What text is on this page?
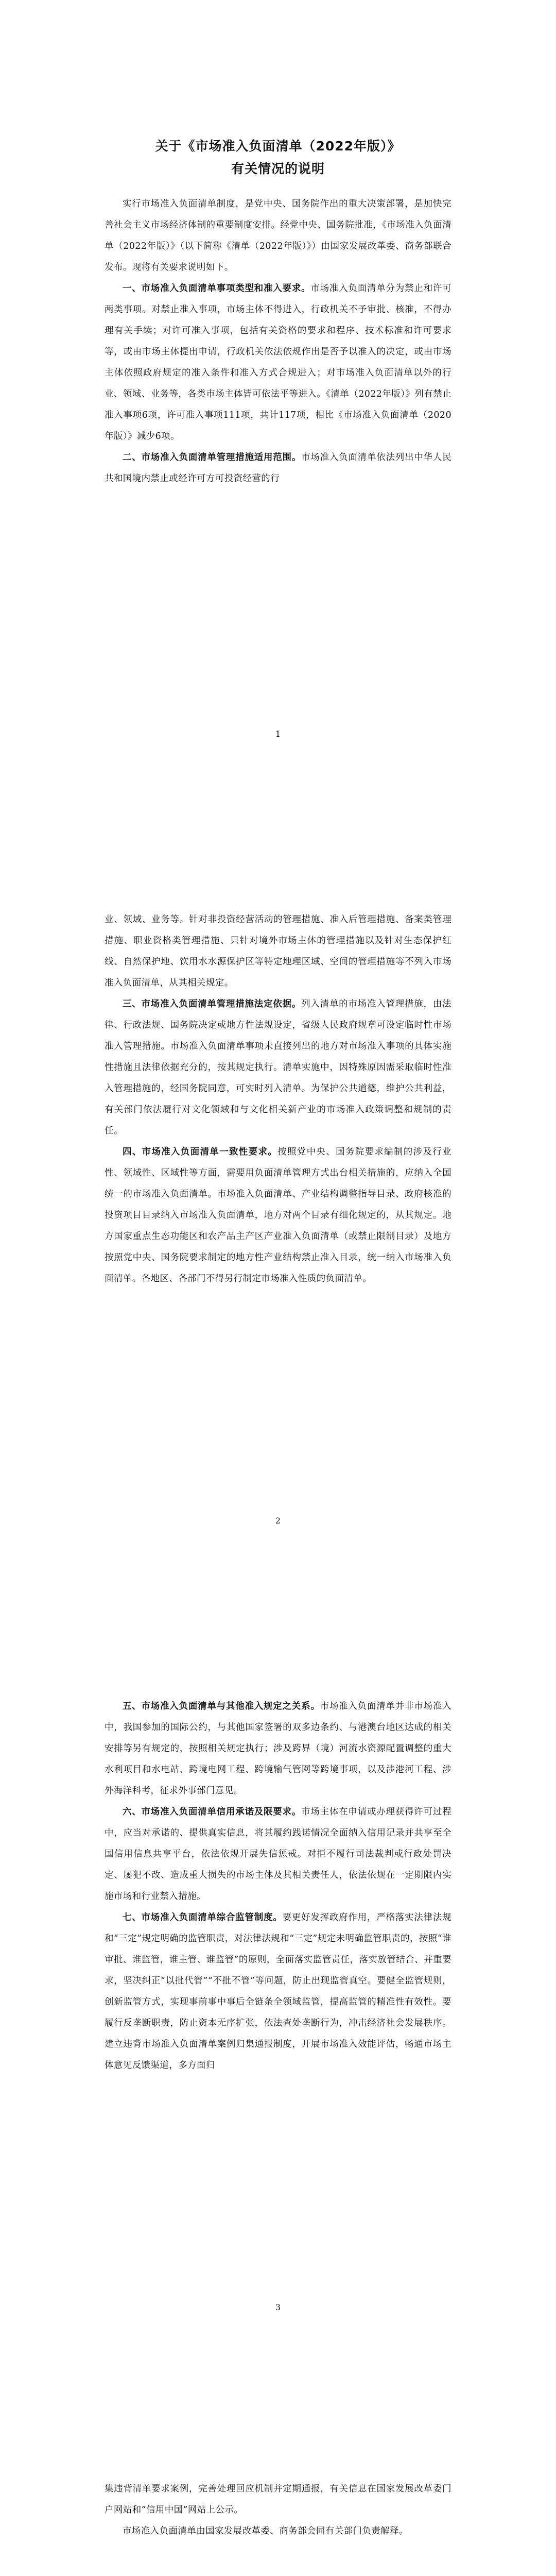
关于《市场准入负面清单（2022年版）》
有关情况的说明

实行市场准入负面清单制度，是党中央、国务院作出的重大决策部署，是加快完善社会主义市场经济体制的重要制度安排。经党中央、国务院批准，《市场准入负面清单（2022年版）》（以下简称《清单（2022年版）》）由国家发展改革委、商务部联合发布。现将有关要求说明如下。

一、市场准入负面清单事项类型和准入要求。市场准入负面清单分为禁止和许可两类事项。对禁止准入事项，市场主体不得进入，行政机关不予审批、核准，不得办理有关手续；对许可准入事项，包括有关资格的要求和程序、技术标准和许可要求等，或由市场主体提出申请，行政机关依法依规作出是否予以准入的决定，或由市场主体依照政府规定的准入条件和准入方式合规进入；对市场准入负面清单以外的行业、领域、业务等，各类市场主体皆可依法平等进入。《清单（2022年版）》列有禁止准入事项6项，许可准入事项111项，共计117项，相比《市场准入负面清单（2020年版）》减少6项。

二、市场准入负面清单管理措施适用范围。市场准入负面清单依法列出中华人民共和国境内禁止或经许可方可投资经营的行

1

业、领域、业务等。针对非投资经营活动的管理措施、准入后管理措施、备案类管理措施、职业资格类管理措施、只针对境外市场主体的管理措施以及针对生态保护红线、自然保护地、饮用水水源保护区等特定地理区域、空间的管理措施等不列入市场准入负面清单，从其相关规定。

三、市场准入负面清单管理措施法定依据。列入清单的市场准入管理措施，由法律、行政法规、国务院决定或地方性法规设定，省级人民政府规章可设定临时性市场准入管理措施。市场准入负面清单事项未直接列出的地方对市场准入事项的具体实施性措施且法律依据充分的，按其规定执行。清单实施中，因特殊原因需采取临时性准入管理措施的，经国务院同意，可实时列入清单。为保护公共道德，维护公共利益，有关部门依法履行对文化领域和与文化相关新产业的市场准入政策调整和规制的责任。

四、市场准入负面清单一致性要求。按照党中央、国务院要求编制的涉及行业性、领域性、区域性等方面，需要用负面清单管理方式出台相关措施的，应纳入全国统一的市场准入负面清单。市场准入负面清单、产业结构调整指导目录、政府核准的投资项目目录纳入市场准入负面清单，地方对两个目录有细化规定的，从其规定。地方国家重点生态功能区和农产品主产区产业准入负面清单（或禁止限制目录）及地方按照党中央、国务院要求制定的地方性产业结构禁止准入目录，统一纳入市场准入负面清单。各地区、各部门不得另行制定市场准入性质的负面清单。

2

五、市场准入负面清单与其他准入规定之关系。市场准入负面清单并非市场准入中，我国参加的国际公约，与其他国家签署的双多边条约、与港澳台地区达成的相关安排等另有规定的，按照相关规定执行；涉及跨界（境）河流水资源配置调整的重大水利项目和水电站、跨境电网工程、跨境输气管网等跨境事项，以及涉港河工程、涉外海洋科考，征求外事部门意见。

六、市场准入负面清单信用承诺及限要求。市场主体在申请或办理获得许可过程中，应当对承诺的、提供真实信息，将其履约践诺情况全面纳入信用记录并共享至全国信用信息共享平台，依法依规开展失信惩戒。对拒不履行司法裁判或行政处罚决定、屡犯不改、造成重大损失的市场主体及其相关责任人，依法依规在一定期限内实施市场和行业禁入措施。

七、市场准入负面清单综合监管制度。要更好发挥政府作用，严格落实法律法规和“三定”规定明确的监管职责，对法律法规和“三定”规定未明确监管职责的，按照“谁审批、谁监管，谁主管、谁监管”的原则，全面落实监管责任，落实放管结合、并重要求，坚决纠正“以批代管”“不批不管”等问题，防止出现监管真空。要健全监管规则，创新监管方式，实现事前事中事后全链条全领域监管，提高监管的精准性有效性。要履行反垄断职责，防止资本无序扩张，依法查处垄断行为，冲击经济社会发展秩序。建立违背市场准入负面清单案例归集通报制度，开展市场准入效能评估，畅通市场主体意见反馈渠道，多方面归

3

集违背清单要求案例，完善处理回应机制并定期通报，有关信息在国家发展改革委门户网站和“信用中国”网站上公示。

市场准入负面清单由国家发展改革委、商务部会同有关部门负责解释。
